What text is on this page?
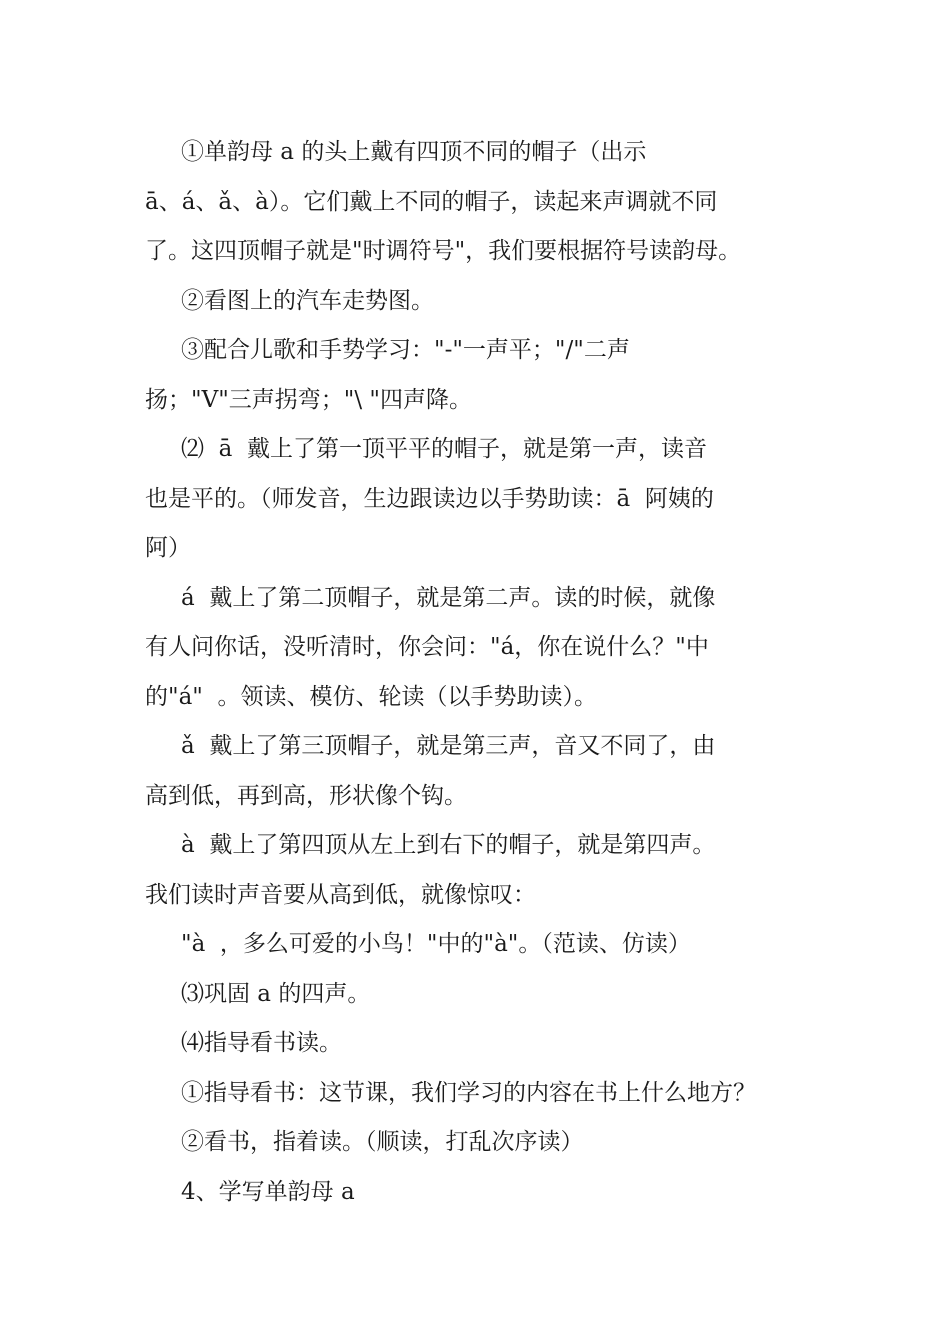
①单韵母 a 的头上戴有四顶不同的帽子（出示
ā、á、ǎ、à）。它们戴上不同的帽子，读起来声调就不同
了。这四顶帽子就是"时调符号"，我们要根据符号读韵母。
②看图上的汽车走势图。
③配合儿歌和手势学习："-"一声平；"/"二声
扬；"V"三声拐弯；"\ "四声降。
⑵  ā  戴上了第一顶平平的帽子，就是第一声，读音
也是平的。（师发音，生边跟读边以手势助读：ā  阿姨的
阿）
á  戴上了第二顶帽子，就是第二声。读的时候，就像
有人问你话，没听清时，你会问："á，你在说什么？"中
的"á"  。领读、模仿、轮读（以手势助读）。
ǎ  戴上了第三顶帽子，就是第三声，音又不同了，由
高到低，再到高，形状像个钩。
à  戴上了第四顶从左上到右下的帽子，就是第四声。
我们读时声音要从高到低，就像惊叹：
"à  ，多么可爱的小鸟！"中的"à"。（范读、仿读）
⑶巩固 a 的四声。
⑷指导看书读。
①指导看书：这节课，我们学习的内容在书上什么地方？
②看书，指着读。（顺读，打乱次序读）
4、学写单韵母 a
